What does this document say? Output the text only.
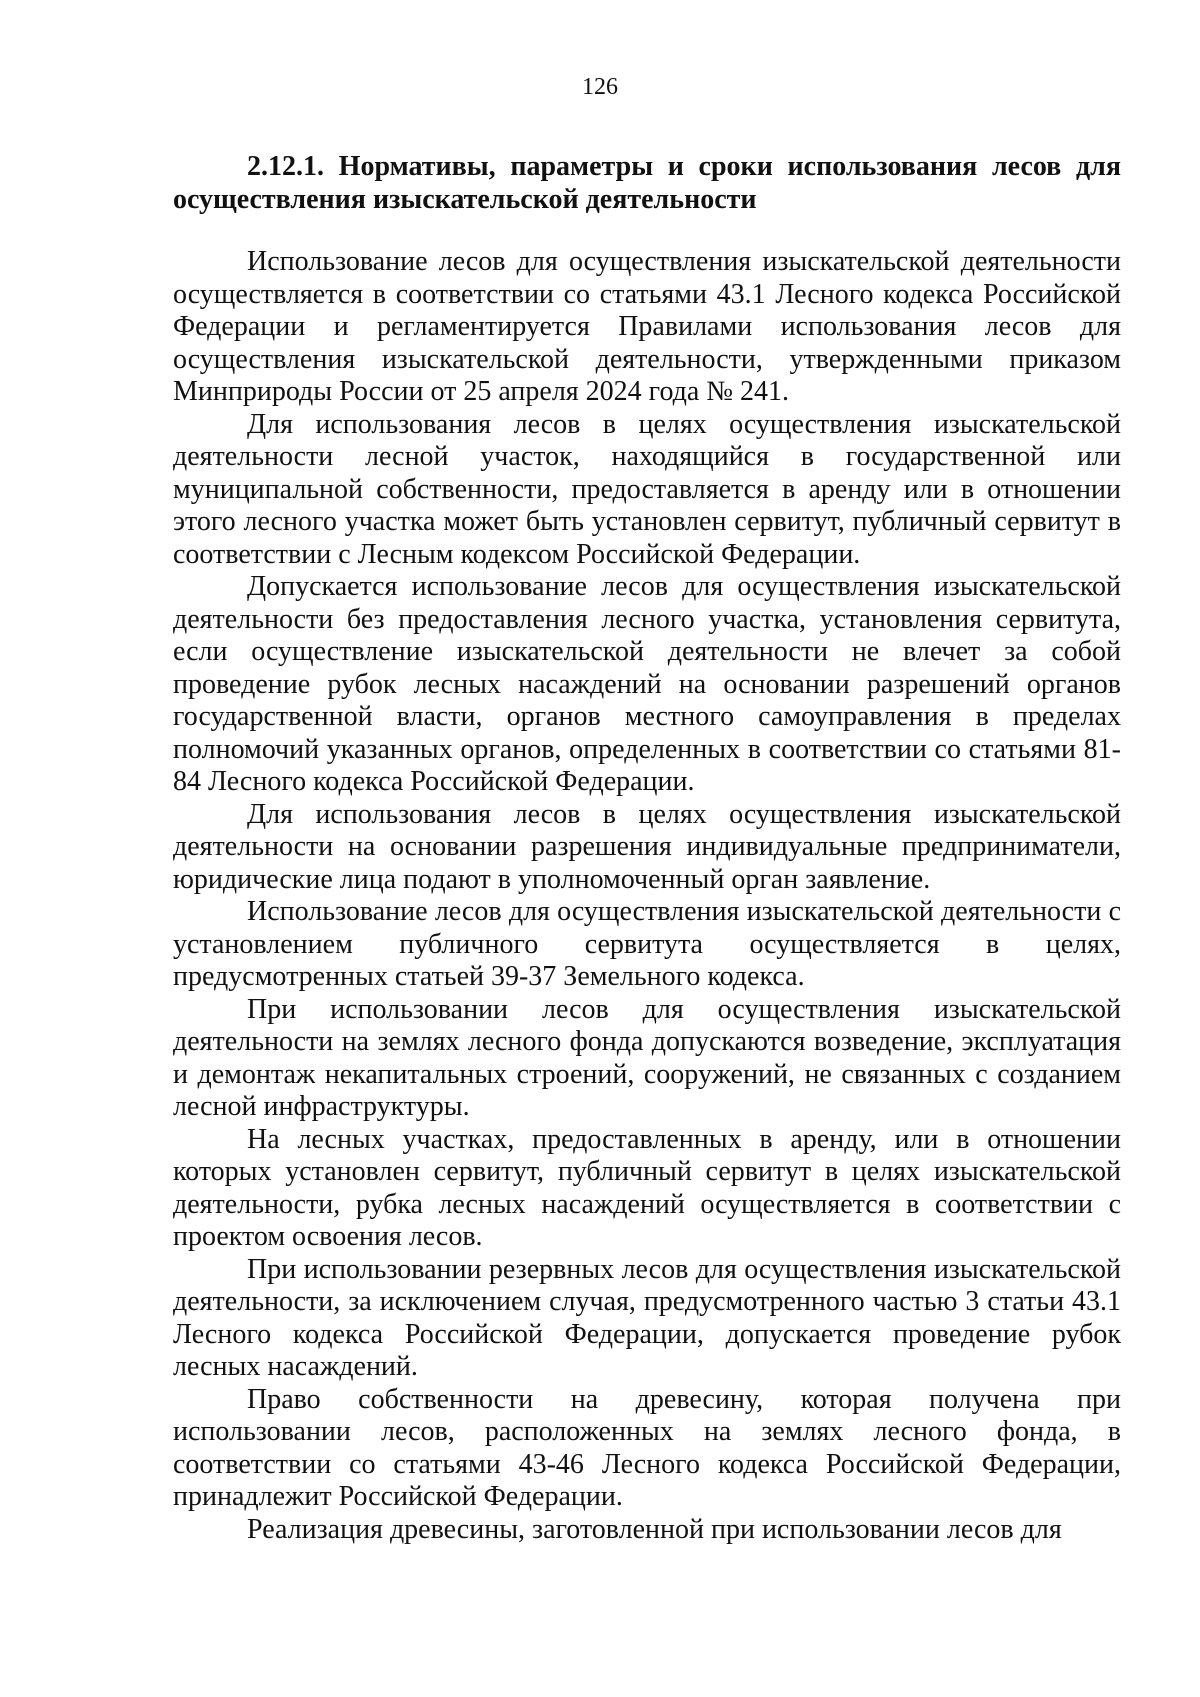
126
2.12.1. Нормативы, параметры и сроки использования лесов для осуществления изыскательской деятельности

Использование лесов для осуществления изыскательской деятельности осуществляется в соответствии со статьями 43.1 Лесного кодекса Российской Федерации и регламентируется Правилами использования лесов для осуществления изыскательской деятельности, утвержденными приказом Минприроды России от 25 апреля 2024 года № 241.

Для использования лесов в целях осуществления изыскательской деятельности лесной участок, находящийся в государственной или муниципальной собственности, предоставляется в аренду или в отношении этого лесного участка может быть установлен сервитут, публичный сервитут в соответствии с Лесным кодексом Российской Федерации.

Допускается использование лесов для осуществления изыскательской деятельности без предоставления лесного участка, установления сервитута, если осуществление изыскательской деятельности не влечет за собой проведение рубок лесных насаждений на основании разрешений органов государственной власти, органов местного самоуправления в пределах полномочий указанных органов, определенных в соответствии со статьями 81-84 Лесного кодекса Российской Федерации.

Для использования лесов в целях осуществления изыскательской деятельности на основании разрешения индивидуальные предприниматели, юридические лица подают в уполномоченный орган заявление.

Использование лесов для осуществления изыскательской деятельности с установлением публичного сервитута осуществляется в целях, предусмотренных статьей 39-37 Земельного кодекса.

При использовании лесов для осуществления изыскательской деятельности на землях лесного фонда допускаются возведение, эксплуатация и демонтаж некапитальных строений, сооружений, не связанных с созданием лесной инфраструктуры.

На лесных участках, предоставленных в аренду, или в отношении которых установлен сервитут, публичный сервитут в целях изыскательской деятельности, рубка лесных насаждений осуществляется в соответствии с проектом освоения лесов.

При использовании резервных лесов для осуществления изыскательской деятельности, за исключением случая, предусмотренного частью 3 статьи 43.1 Лесного кодекса Российской Федерации, допускается проведение рубок лесных насаждений.

Право собственности на древесину, которая получена при использовании лесов, расположенных на землях лесного фонда, в соответствии со статьями 43-46 Лесного кодекса Российской Федерации, принадлежит Российской Федерации.

Реализация древесины, заготовленной при использовании лесов для
